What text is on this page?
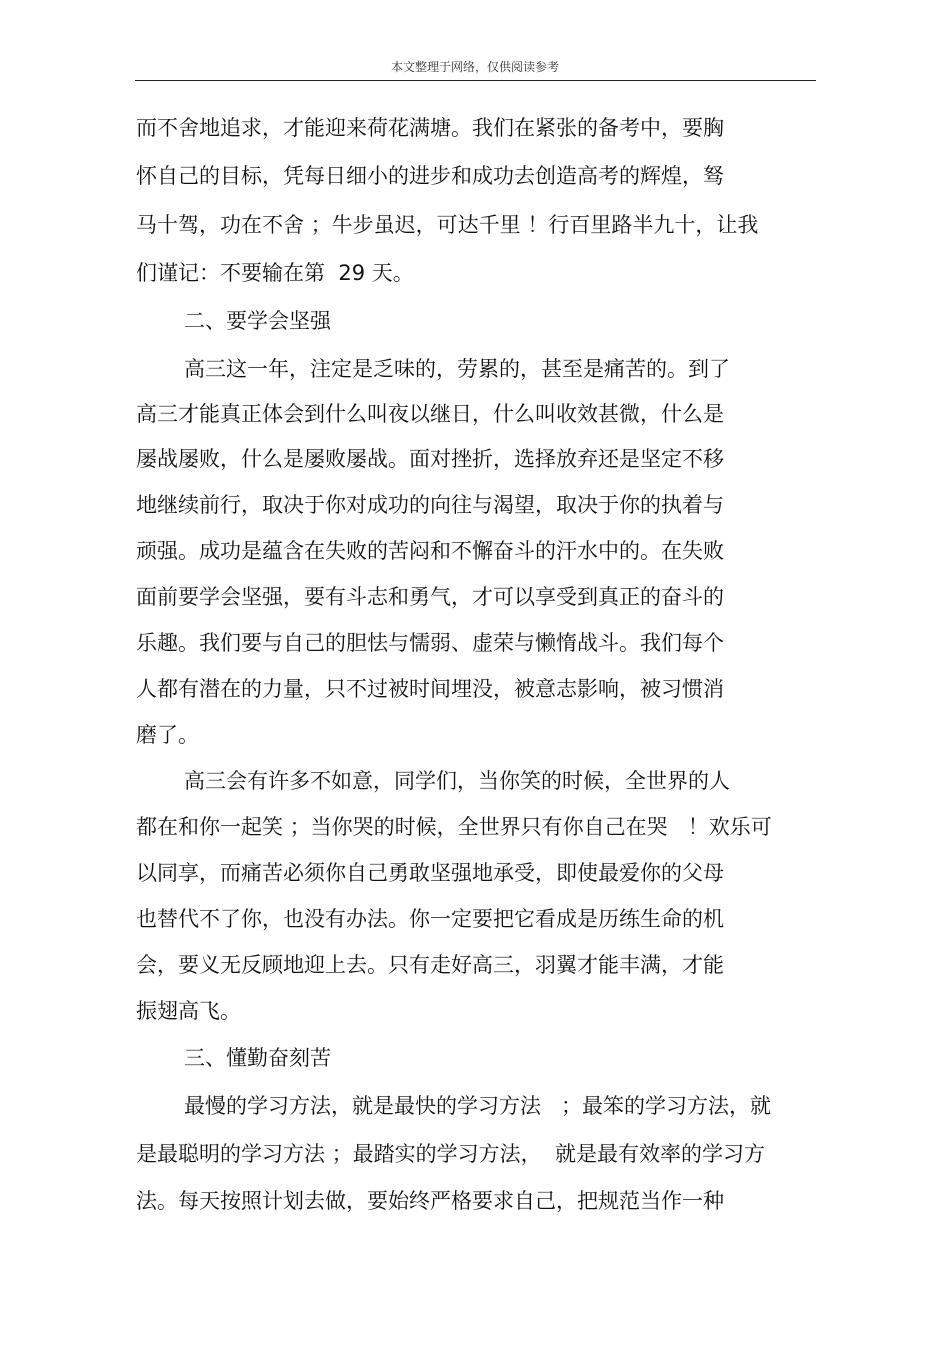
本文整理于网络，仅供阅读参考
而不舍地追求，才能迎来荷花满塘。我们在紧张的备考中，要胸
怀自己的目标，凭每日细小的进步和成功去创造高考的辉煌，驽
马十驾，功在不舍 ；牛步虽迟，可达千里 ！行百里路半九十，让我
们谨记：不要输在第  29 天。
二、要学会坚强
高三这一年，注定是乏味的，劳累的，甚至是痛苦的。到了
高三才能真正体会到什么叫夜以继日，什么叫收效甚微，什么是
屡战屡败，什么是屡败屡战。面对挫折，选择放弃还是坚定不移
地继续前行，取决于你对成功的向往与渴望，取决于你的执着与
顽强。成功是蕴含在失败的苦闷和不懈奋斗的汗水中的。在失败
面前要学会坚强，要有斗志和勇气，才可以享受到真正的奋斗的
乐趣。我们要与自己的胆怯与懦弱、虚荣与懒惰战斗。我们每个
人都有潜在的力量，只不过被时间埋没，被意志影响，被习惯消
磨了。
高三会有许多不如意，同学们，当你笑的时候，全世界的人
都在和你一起笑 ；当你哭的时候，全世界只有你自己在哭   ！欢乐可
以同享，而痛苦必须你自己勇敢坚强地承受，即使最爱你的父母
也替代不了你，也没有办法。你一定要把它看成是历练生命的机
会，要义无反顾地迎上去。只有走好高三，羽翼才能丰满，才能
振翅高飞。
三、懂勤奋刻苦
最慢的学习方法，就是最快的学习方法   ；最笨的学习方法，就
是最聪明的学习方法 ；最踏实的学习方法，  就是最有效率的学习方
法。每天按照计划去做，要始终严格要求自己，把规范当作一种
